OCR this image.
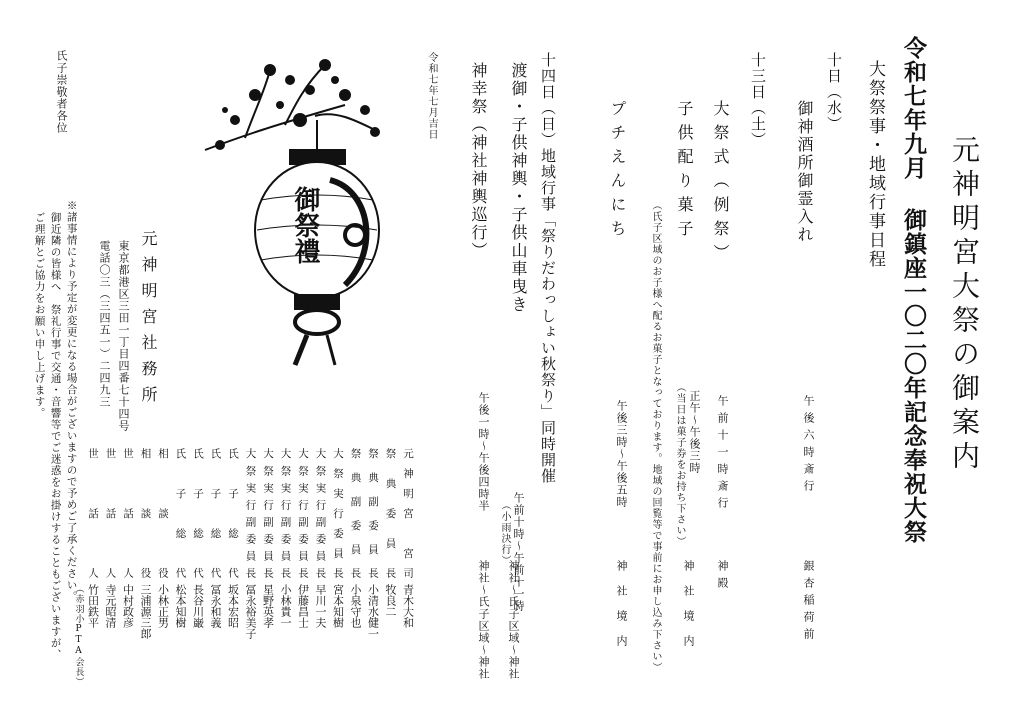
元神明宮大祭の御案内
令和七年九月 御鎮座一〇二〇年記念奉祝大祭
大祭祭事・地域行事日程
十日（水）
御神酒所御霊入れ
午後六時斎行
銀杏稲荷前
十三日（土）
大祭式（例祭）
午前十一時斎行
神殿
子供配り菓子
正午～午後三時
（当日は菓子券をお持ち下さい）
神社境内
（氏子区域のお子様へ配るお菓子となっております。地域の回覧等で事前にお申し込み下さい）
プチえんにち
午後三時～午後五時
神社境内
十四日（日）地域行事「祭りだわっしょい秋祭り」同時開催
渡御・子供神輿・子供山車曳き
午前十時～午前十一時
（小雨決行）
神社～氏子区域～神社
神幸祭（神社神輿巡行）
午後一時～午後四時半
神社～氏子区域～神社
元神明宮　宮司
青木大和
祭典委員長
牧良二
祭典副委員長
小清水健一
祭典副委員長
小泉守也
大祭実行委員長
宮本知樹
大祭実行副委員長
早川一夫
大祭実行副委員長
伊藤昌士
大祭実行副委員長
小林貴一
大祭実行副委員長
星野英孝
大祭実行副委員長
冨永裕美子
氏子総代
坂本宏昭
氏子総代
冨永和義
氏子総代
長谷川巌
氏子総代
松本知樹
相談役
小林正男
相談役
三浦源三郎
世話人
中村政彦
世話人
寺元昭清
世話人
竹田鉄平
（赤羽小PTA会長）
令和七年七月吉日
御祭禮
元神明宮社務所
東京都港区三田一丁目四番七十四号
電話〇三（三四五一）二四九三
※諸事情により予定が変更になる場合がございますので予めご了承ください。
御近隣の皆様へ　祭礼行事で交通・音響等でご迷惑をお掛けすることもございますが、
ご理解とご協力をお願い申し上げます。
氏子崇敬者各位
